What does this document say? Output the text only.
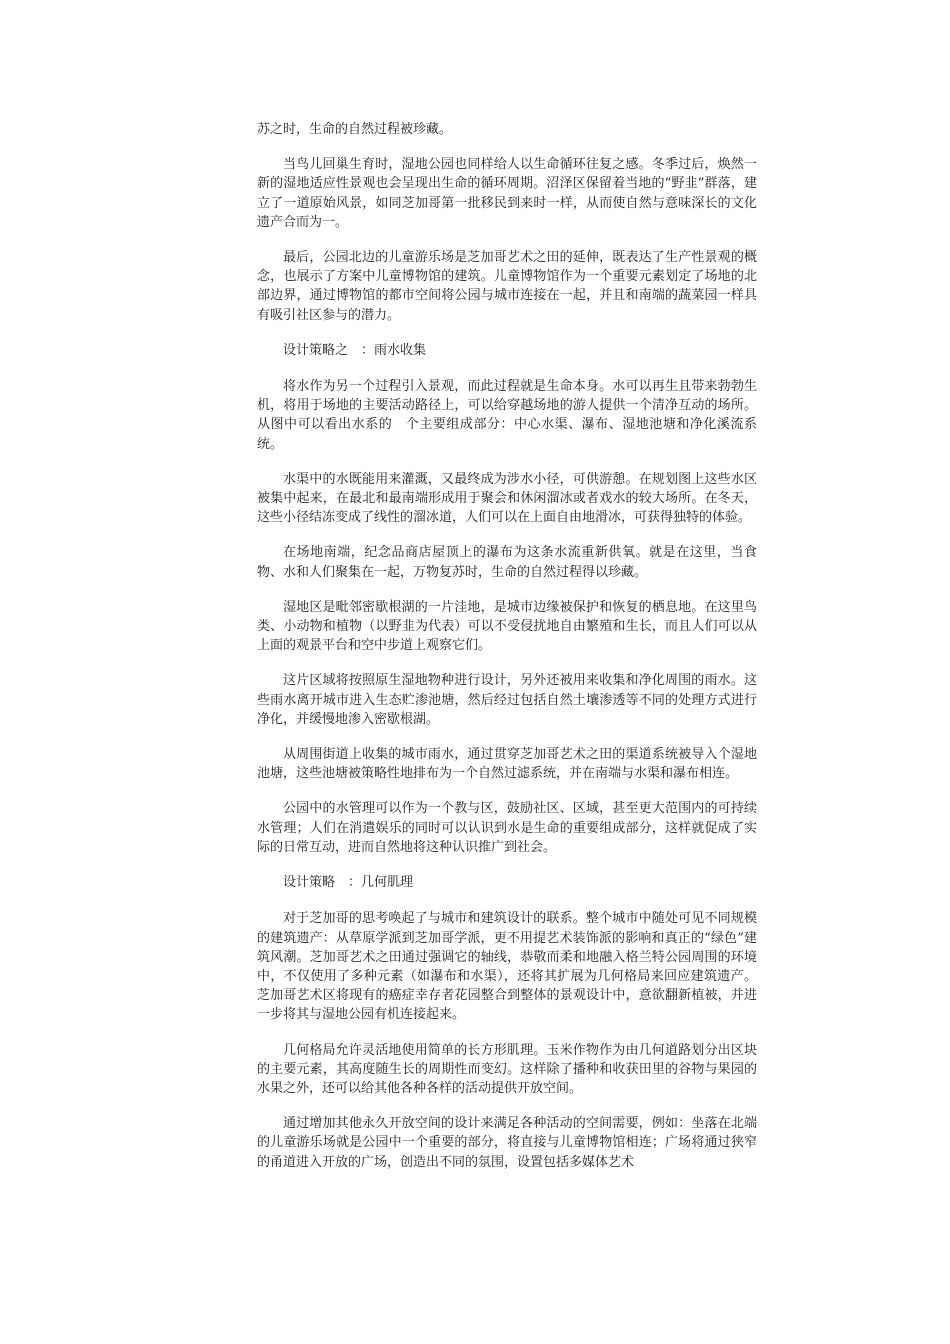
苏之时，生命的自然过程被珍藏。

当鸟儿回巢生育时，湿地公园也同样给人以生命循环往复之感。冬季过后，焕然一新的湿地适应性景观也会呈现出生命的循环周期。沼泽区保留着当地的“野韭”群落，建立了一道原始风景，如同芝加哥第一批移民到来时一样，从而使自然与意味深长的文化遗产合而为一。

最后，公园北边的儿童游乐场是芝加哥艺术之田的延伸，既表达了生产性景观的概念，也展示了方案中儿童博物馆的建筑。儿童博物馆作为一个重要元素划定了场地的北部边界，通过博物馆的都市空间将公园与城市连接在一起，并且和南端的蔬菜园一样具有吸引社区参与的潜力。

设计策略之　：雨水收集

将水作为另一个过程引入景观，而此过程就是生命本身。水可以再生且带来勃勃生机，将用于场地的主要活动路径上，可以给穿越场地的游人提供一个清净互动的场所。从图中可以看出水系的　个主要组成部分：中心水渠、瀑布、湿地池塘和净化溪流系统。

水渠中的水既能用来灌溉，又最终成为涉水小径，可供游憩。在规划图上这些水区被集中起来，在最北和最南端形成用于聚会和休闲溜冰或者戏水的较大场所。在冬天，这些小径结冻变成了线性的溜冰道，人们可以在上面自由地滑冰，可获得独特的体验。

在场地南端，纪念品商店屋顶上的瀑布为这条水流重新供氧。就是在这里，当食物、水和人们聚集在一起，万物复苏时，生命的自然过程得以珍藏。

湿地区是毗邻密歇根湖的一片洼地，是城市边缘被保护和恢复的栖息地。在这里鸟类、小动物和植物（以野韭为代表）可以不受侵扰地自由繁殖和生长，而且人们可以从上面的观景平台和空中步道上观察它们。

这片区域将按照原生湿地物种进行设计，另外还被用来收集和净化周围的雨水。这些雨水离开城市进入生态贮渗池塘，然后经过包括自然土壤渗透等不同的处理方式进行净化，并缓慢地渗入密歇根湖。

从周围街道上收集的城市雨水，通过贯穿芝加哥艺术之田的渠道系统被导入个湿地池塘，这些池塘被策略性地排布为一个自然过滤系统，并在南端与水渠和瀑布相连。

公园中的水管理可以作为一个教与区，鼓励社区、区域，甚至更大范围内的可持续水管理；人们在消遣娱乐的同时可以认识到水是生命的重要组成部分，这样就促成了实际的日常互动，进而自然地将这种认识推广到社会。

设计策略　：几何肌理

对于芝加哥的思考唤起了与城市和建筑设计的联系。整个城市中随处可见不同规模的建筑遗产：从草原学派到芝加哥学派，更不用提艺术装饰派的影响和真正的“绿色”建筑风潮。芝加哥艺术之田通过强调它的轴线，恭敬而柔和地融入格兰特公园周围的环境中，不仅使用了多种元素（如瀑布和水渠），还将其扩展为几何格局来回应建筑遗产。芝加哥艺术区将现有的癌症幸存者花园整合到整体的景观设计中，意欲翻新植被，并进一步将其与湿地公园有机连接起来。

几何格局允许灵活地使用简单的长方形肌理。玉米作物作为由几何道路划分出区块的主要元素，其高度随生长的周期性而变幻。这样除了播种和收获田里的谷物与果园的水果之外，还可以给其他各种各样的活动提供开放空间。

通过增加其他永久开放空间的设计来满足各种活动的空间需要，例如：坐落在北端的儿童游乐场就是公园中一个重要的部分，将直接与儿童博物馆相连；广场将通过狭窄的甬道进入开放的广场，创造出不同的氛围，设置包括多媒体艺术
